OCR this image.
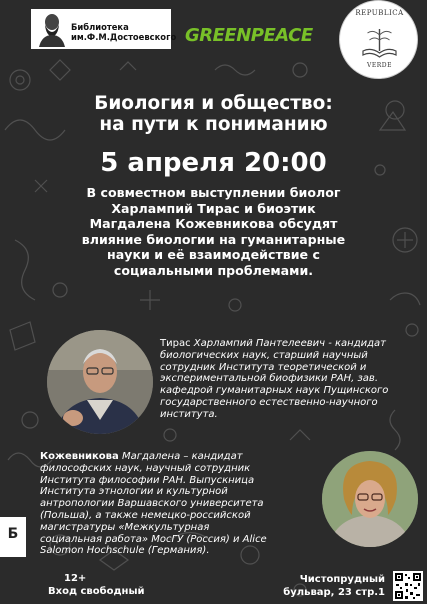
Библиотека
им.Ф.М.Достоевского GREENPEACE
REPUBLICA
VERDE
Биология и общество:
на пути к пониманию
5 апреля 20:00
В совместном выступлении биолог
Харлампий Тирас и биоэтик
Магдалена Кожевникова обсудят
влияние биологии на гуманитарные
науки и её взаимодействие с
социальными проблемами.
Тирас Харлампий Пантелеевич - кандидат
биологических наук, старший научный
сотрудник Института теоретической и
экспериментальной биофизики РАН, зав.
кафедрой гуманитарных наук Пущинского
государственного естественно-научного
института.
Кожевникова Магдалена – кандидат
философских наук, научный сотрудник
Института философии РАН. Выпускница
Института этнологии и культурной
антропологии Варшавского университета
(Польша), а также немецко-российской
магистратуры «Межкультурная
социальная работа» МосГУ (Россия) и Alice
Salomon Hochschule (Германия).
Б
12+
Вход свободный
Чистопрудный
бульвар, 23 стр.1
